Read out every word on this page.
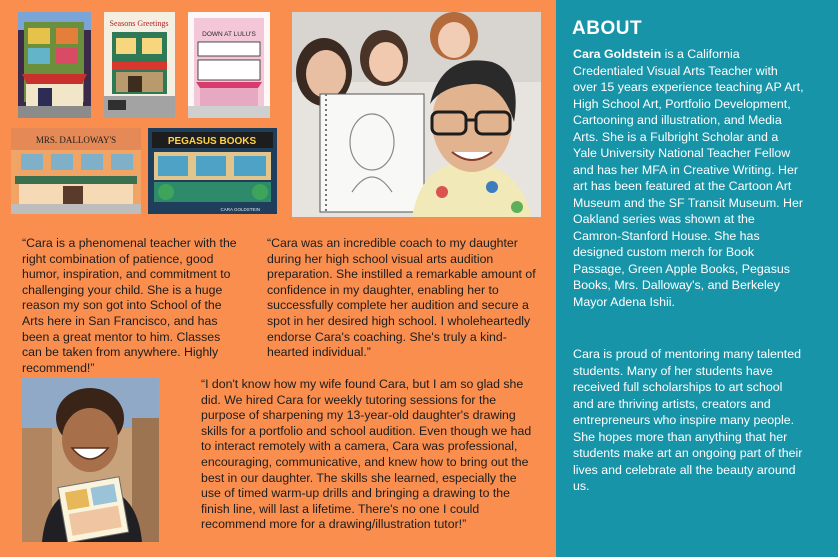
Seasons Greetings
DOWN AT LULU'S
MRS. DALLOWAY'S	PEGASUS BOOKS
CARA GOLDSTEIN

“Cara is a phenomenal teacher with the right combination of patience, good humor, inspiration, and commitment to challenging your child. She is a huge reason my son got into School of the Arts here in San Francisco, and has been a great mentor to him. Classes can be taken from anywhere. Highly recommend!”

“Cara was an incredible coach to my daughter during her high school visual arts audition preparation. She instilled a remarkable amount of confidence in my daughter, enabling her to successfully complete her audition and secure a spot in her desired high school. I wholeheartedly endorse Cara's coaching. She's truly a kind-hearted individual.”

“I don't know how my wife found Cara, but I am so glad she did. We hired Cara for weekly tutoring sessions for the purpose of sharpening my 13-year-old daughter's drawing skills for a portfolio and school audition. Even though we had to interact remotely with a camera, Cara was professional, encouraging, communicative, and knew how to bring out the best in our daughter. The skills she learned, especially the use of timed warm-up drills and bringing a drawing to the finish line, will last a lifetime. There's no one I could recommend more for a drawing/illustration tutor!”

ABOUT

Cara Goldstein is a California Credentialed Visual Arts Teacher with over 15 years experience teaching AP Art, High School Art, Portfolio Development, Cartooning and illustration, and Media Arts. She is a Fulbright Scholar and a Yale University National Teacher Fellow and has her MFA in Creative Writing. Her art has been featured at the Cartoon Art Museum and the SF Transit Museum. Her Oakland series was shown at the Camron-Stanford House. She has designed custom merch for Book Passage, Green Apple Books, Pegasus Books, Mrs. Dalloway's, and Berkeley Mayor Adena Ishii.

Cara is proud of mentoring many talented students. Many of her students have received full scholarships to art school and are thriving artists, creators and entrepreneurs who inspire many people. She hopes more than anything that her students make art an ongoing part of their lives and celebrate all the beauty around us.
